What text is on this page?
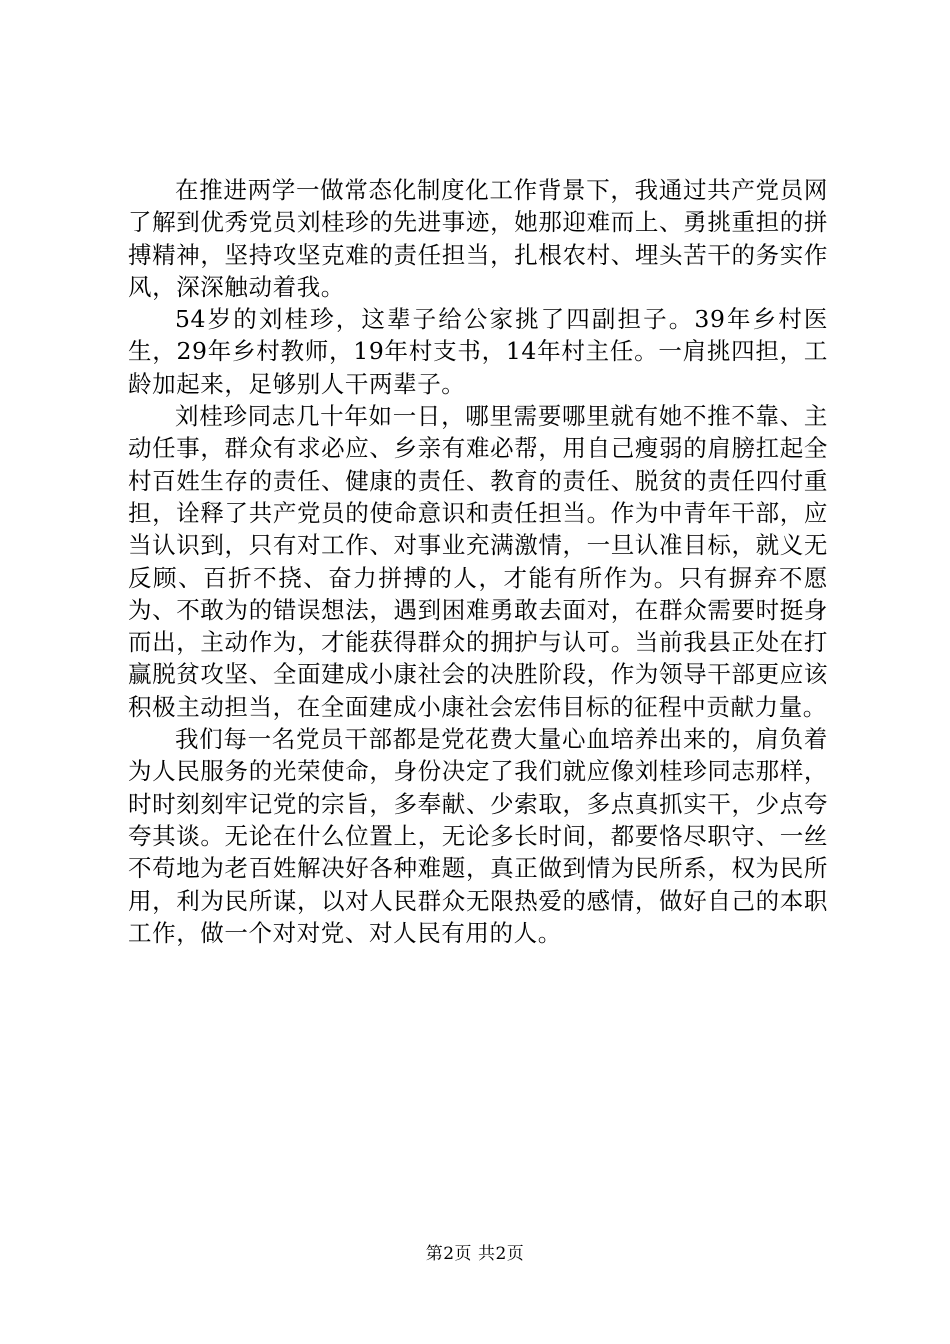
在推进两学一做常态化制度化工作背景下，我通过共产党员网了解到优秀党员刘桂珍的先进事迹，她那迎难而上、勇挑重担的拼搏精神，坚持攻坚克难的责任担当，扎根农村、埋头苦干的务实作风，深深触动着我。

54岁的刘桂珍，这辈子给公家挑了四副担子。39年乡村医生，29年乡村教师，19年村支书，14年村主任。一肩挑四担，工龄加起来，足够别人干两辈子。

刘桂珍同志几十年如一日，哪里需要哪里就有她不推不靠、主动任事，群众有求必应、乡亲有难必帮，用自己瘦弱的肩膀扛起全村百姓生存的责任、健康的责任、教育的责任、脱贫的责任四付重担，诠释了共产党员的使命意识和责任担当。作为中青年干部，应当认识到，只有对工作、对事业充满激情，一旦认准目标，就义无反顾、百折不挠、奋力拼搏的人，才能有所作为。只有摒弃不愿为、不敢为的错误想法，遇到困难勇敢去面对，在群众需要时挺身而出，主动作为，才能获得群众的拥护与认可。当前我县正处在打赢脱贫攻坚、全面建成小康社会的决胜阶段，作为领导干部更应该积极主动担当，在全面建成小康社会宏伟目标的征程中贡献力量。

我们每一名党员干部都是党花费大量心血培养出来的，肩负着为人民服务的光荣使命，身份决定了我们就应像刘桂珍同志那样，时时刻刻牢记党的宗旨，多奉献、少索取，多点真抓实干，少点夸夸其谈。无论在什么位置上，无论多长时间，都要恪尽职守、一丝不苟地为老百姓解决好各种难题，真正做到情为民所系，权为民所用，利为民所谋，以对人民群众无限热爱的感情，做好自己的本职工作，做一个对对党、对人民有用的人。

第2页 共2页
